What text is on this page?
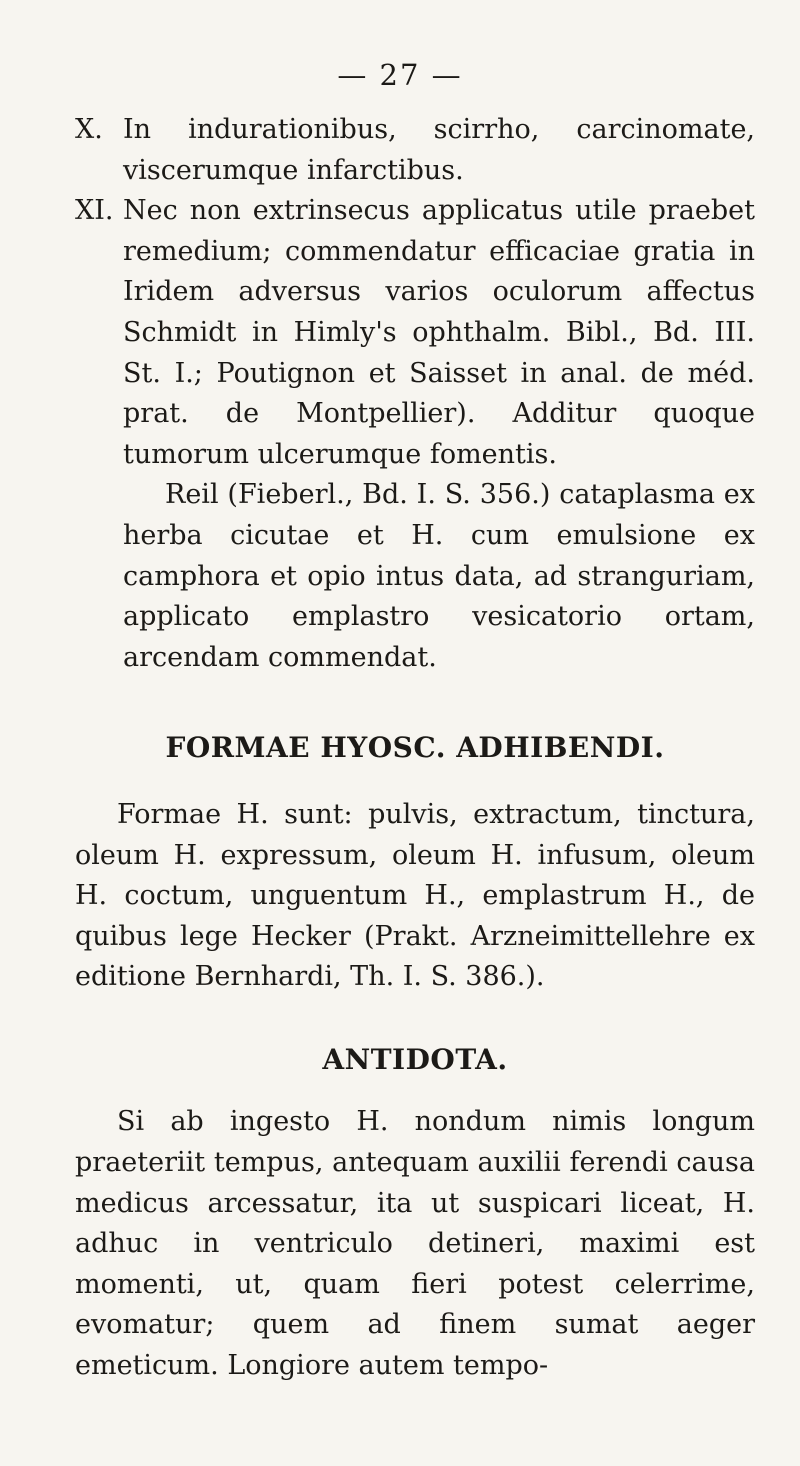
— 27 —

X. In indurationibus, scirrho, carcinomate, viscerumque infarctibus.

XI. Nec non extrinsecus applicatus utile praebet remedium; commendatur efficaciae gratia in Iridem adversus varios oculorum affectus Schmidt in Himly's ophthalm. Bibl., Bd. III. St. I.; Poutignon et Saisset in anal. de méd. prat. de Montpellier). Additur quoque tumorum ulcerumque fomentis.

Reil (Fieberl., Bd. I. S. 356.) cataplasma ex herba cicutae et H. cum emulsione ex camphora et opio intus data, ad stranguriam, applicato emplastro vesicatorio ortam, arcendam commendat.

FORMAE HYOSC. ADHIBENDI.

Formae H. sunt: pulvis, extractum, tinctura, oleum H. expressum, oleum H. infusum, oleum H. coctum, unguentum H., emplastrum H., de quibus lege Hecker (Prakt. Arzneimittellehre ex editione Bernhardi, Th. I. S. 386.).

ANTIDOTA.

Si ab ingesto H. nondum nimis longum praeteriit tempus, antequam auxilii ferendi causa medicus arcessatur, ita ut suspicari liceat, H. adhuc in ventriculo detineri, maximi est momenti, ut, quam fieri potest celerrime, evomatur; quem ad finem sumat aeger emeticum. Longiore autem tempo-
